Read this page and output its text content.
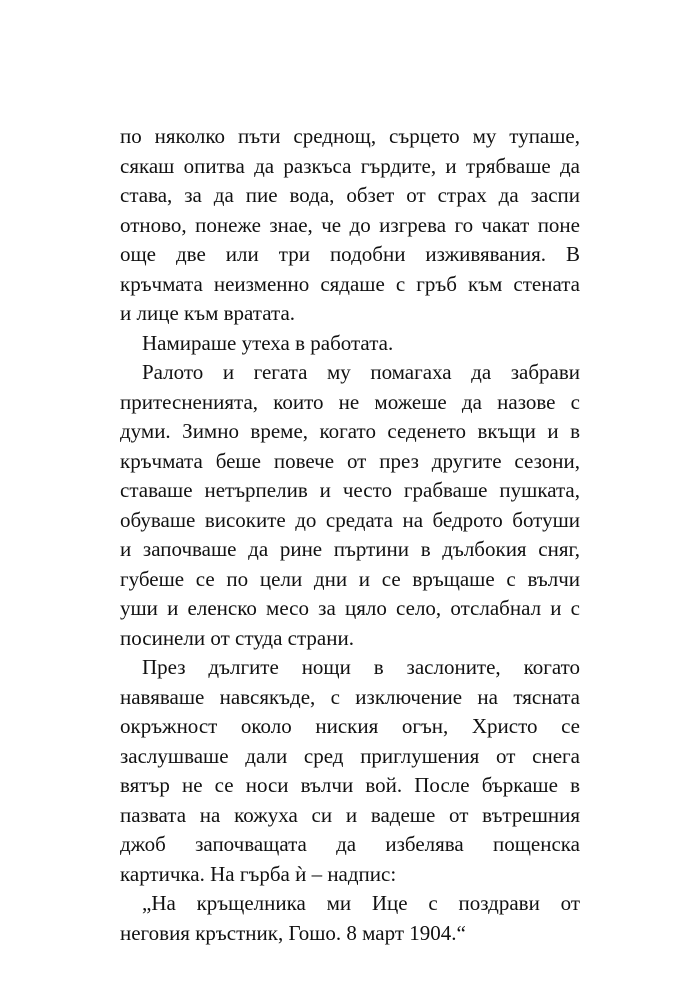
по няколко пъти среднощ, сърцето му тупаше,
сякаш опитва да разкъса гърдите, и трябваше да
става, за да пие вода, обзет от страх да заспи
отново, понеже знае, че до изгрева го чакат поне
още две или три подобни изживявания. В
кръчмата неизменно сядаше с гръб към стената
и лице към вратата.
Намираше утеха в работата.
Ралото и гегата му помагаха да забрави
притесненията, които не можеше да назове с
думи. Зимно време, когато седенето вкъщи и в
кръчмата беше повече от през другите сезони,
ставаше нетърпелив и често грабваше пушката,
обуваше високите до средата на бедрото ботуши
и започваше да рине пъртини в дълбокия сняг,
губеше се по цели дни и се връщаше с вълчи
уши и еленско месо за цяло село, отслабнал и с
посинели от студа страни.
През дългите нощи в заслоните, когато
навяваше навсякъде, с изключение на тясната
окръжност около ниския огън, Христо се
заслушваше дали сред приглушения от снега
вятър не се носи вълчи вой. После бъркаше в
пазвата на кожуха си и вадеше от вътрешния
джоб започващата да избелява пощенска
картичка. На гърба ѝ – надпис:
„На кръщелника ми Ице с поздрави от
неговия кръстник, Гошо. 8 март 1904.“
